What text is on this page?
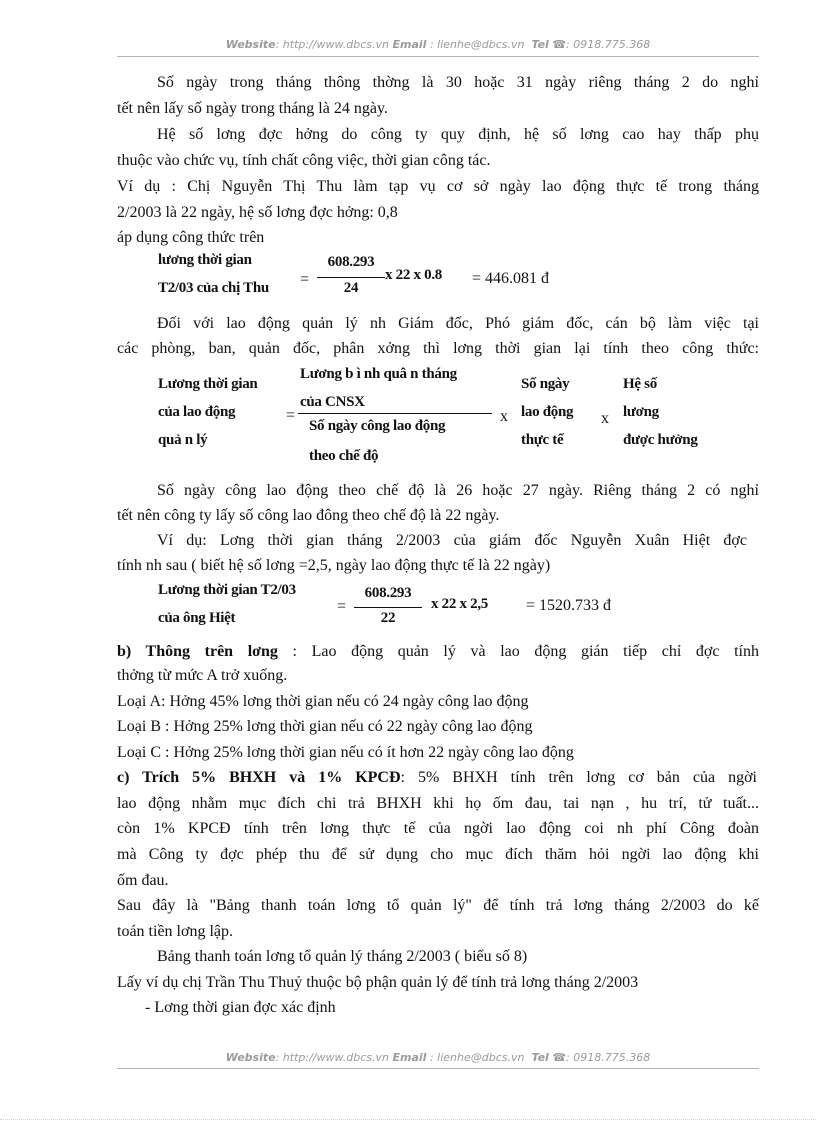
Website: http://www.dbcs.vn Email : lienhe@dbcs.vn Tel ☎: 0918.775.368
Số ngày trong tháng thông thờng là 30 hoặc 31 ngày riêng tháng 2 do nghỉ
tết nên lấy số ngày trong tháng là 24 ngày.
Hệ số lơng đợc hởng do công ty quy định, hệ số lơng cao hay thấp phụ
thuộc vào chức vụ, tính chất công việc, thời gian công tác.
Ví dụ : Chị Nguyễn Thị Thu làm tạp vụ cơ sở ngày lao động thực tế trong tháng
2/2003 là 22 ngày, hệ số lơng đợc hởng: 0,8
áp dụng công thức trên
lương thời gian
T2/03 của chị Thu =
608.293
24
x 22 x 0.8 = 446.081 đ
Đối với lao động quản lý nh Giám đốc, Phó giám đốc, cán bộ làm việc tại
các phòng, ban, quản đốc, phân xởng thì lơng thời gian lại tính theo công thức:
Lương thời gian
của lao động
quả n lý
=
Lương b ì nh quâ n tháng
của CNSX
Số ngày công lao động
theo chế độ
x
Số ngày
lao động
thực tế
x
Hệ số
lương
được hưởng
Số ngày công lao động theo chế độ là 26 hoặc 27 ngày. Riêng tháng 2 có nghỉ
tết nên công ty lấy số công lao đông theo chế độ là 22 ngày.
Ví dụ: Lơng thời gian tháng 2/2003 của giám đốc Nguyễn Xuân Hiệt đợc
tính nh sau ( biết hệ số lơng =2,5, ngày lao động thực tế là 22 ngày)
Lương thời gian T2/03
của ông Hiệt
=
608.293
22
x 22 x 2,5 = 1520.733 đ
b) Thông trên lơng : Lao động quản lý và lao động gián tiếp chỉ đợc tính
thởng từ mức A trở xuống.
Loại A: Hởng 45% lơng thời gian nếu có 24 ngày công lao động
Loại B : Hởng 25% lơng thời gian nếu có 22 ngày công lao động
Loại C : Hởng 25% lơng thời gian nếu có ít hơn 22 ngày công lao động
c) Trích 5% BHXH và 1% KPCĐ: 5% BHXH tính trên lơng cơ bản của ngời
lao động nhằm mục đích chi trả BHXH khi họ ốm đau, tai nạn , hu trí, tử tuất...
còn 1% KPCĐ tính trên lơng thực tế của ngời lao động coi nh phí Công đoàn
mà Công ty đợc phép thu để sử dụng cho mục đích thăm hỏi ngời lao động khi
ốm đau.
Sau đây là "Bảng thanh toán lơng tổ quản lý" để tính trả lơng tháng 2/2003 do kế
toán tiền lơng lập.
Bảng thanh toán lơng tổ quản lý tháng 2/2003 ( biểu số 8)
Lấy ví dụ chị Trần Thu Thuỷ thuộc bộ phận quản lý để tính trả lơng tháng 2/2003
- Lơng thời gian đợc xác định
Website: http://www.dbcs.vn Email : lienhe@dbcs.vn Tel ☎: 0918.775.368
